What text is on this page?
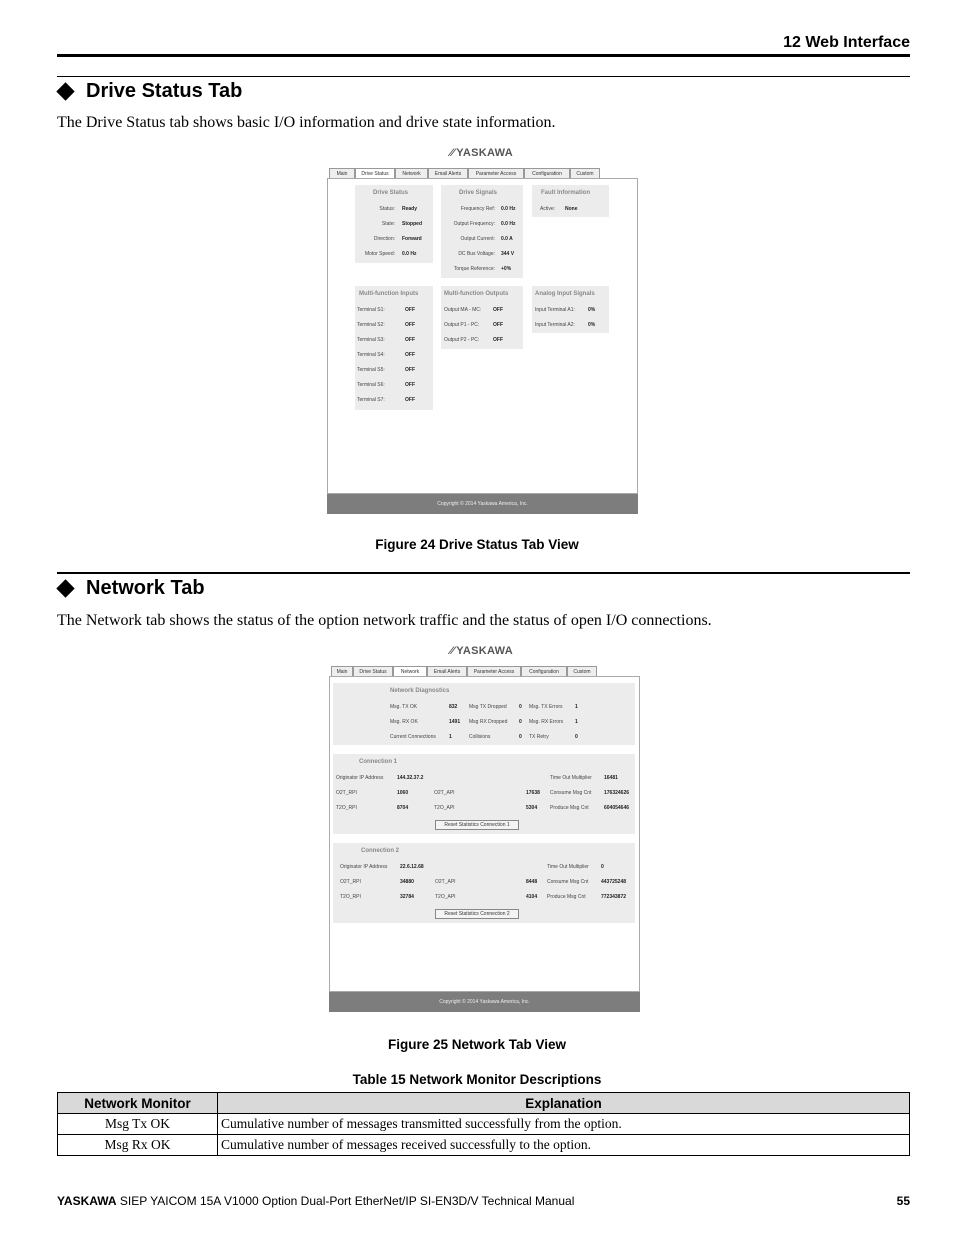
12 Web Interface
Drive Status Tab
The Drive Status tab shows basic I/O information and drive state information.
⁄⁄ YASKAWA
Main	Drive Status	Network	Email Alerts	Parameter Access	Configuration	Custom
Drive Status
Status: Ready
State: Stopped
Direction: Forward
Motor Speed: 0.0 Hz
Drive Signals
Frequency Ref: 0.0 Hz
Output Frequency: 0.0 Hz
Output Current: 0.0 A
DC Bus Voltage: 344 V
Torque Reference: +0%
Fault Information
Active: None
Multi-function Inputs
Terminal S1:	OFF
Terminal S2:	OFF
Terminal S3:	OFF
Terminal S4:	OFF
Terminal S5:	OFF
Terminal S6:	OFF
Terminal S7:	OFF
Multi-function Outputs
Output MA - MC: OFF
Output P1 - PC:	OFF
Output P2 - PC:	OFF
Analog Input Signals
Input Terminal A1:	0%
Input Terminal A2:	0%
Copyright © 2014 Yaskawa America, Inc.
Figure 24 Drive Status Tab View
Network Tab
The Network tab shows the status of the option network traffic and the status of open I/O connections.
⁄⁄ YASKAWA
Main	Drive Status	Network	Email Alerts	Parameter Access	Configuration	Custom
Network Diagnostics
Msg. TX OK	832 Msg TX Dropped 0 Msg. TX Errors 1
Msg. RX OK	1491 Msg RX Dropped 0 Msg. RX Errors 1
Current Connections	1	Collisions	0 TX Retry	0
Connection 1
Originator IP Address	144.32.37.2	Time Out Multiplier 16481
O2T_RPI	1060	O2T_API	17638 Consume Msg Cnt	176324626
T2O_RPI	8704	T2O_API	5304	Produce Msg Cnt	604054646
Reset Statistics Connection 1
Connection 2
Originator IP Address	22.6.12.68	Time Out Multiplier 0
O2T_RPI	34880	O2T_API	8448 Consume Msg Cnt	443725248
T2O_RPI	32784	T2O_API	4104 Produce Msg Cnt	772343872
Reset Statistics Connection 2
Copyright © 2014 Yaskawa America, Inc.
Figure 25 Network Tab View
Table 15 Network Monitor Descriptions
Network Monitor	Explanation
Msg Tx OK	Cumulative number of messages transmitted successfully from the option.
Msg Rx OK	Cumulative number of messages received successfully to the option.
YASKAWA SIEP YAICOM 15A V1000 Option Dual-Port EtherNet/IP SI-EN3D/V Technical Manual	55
